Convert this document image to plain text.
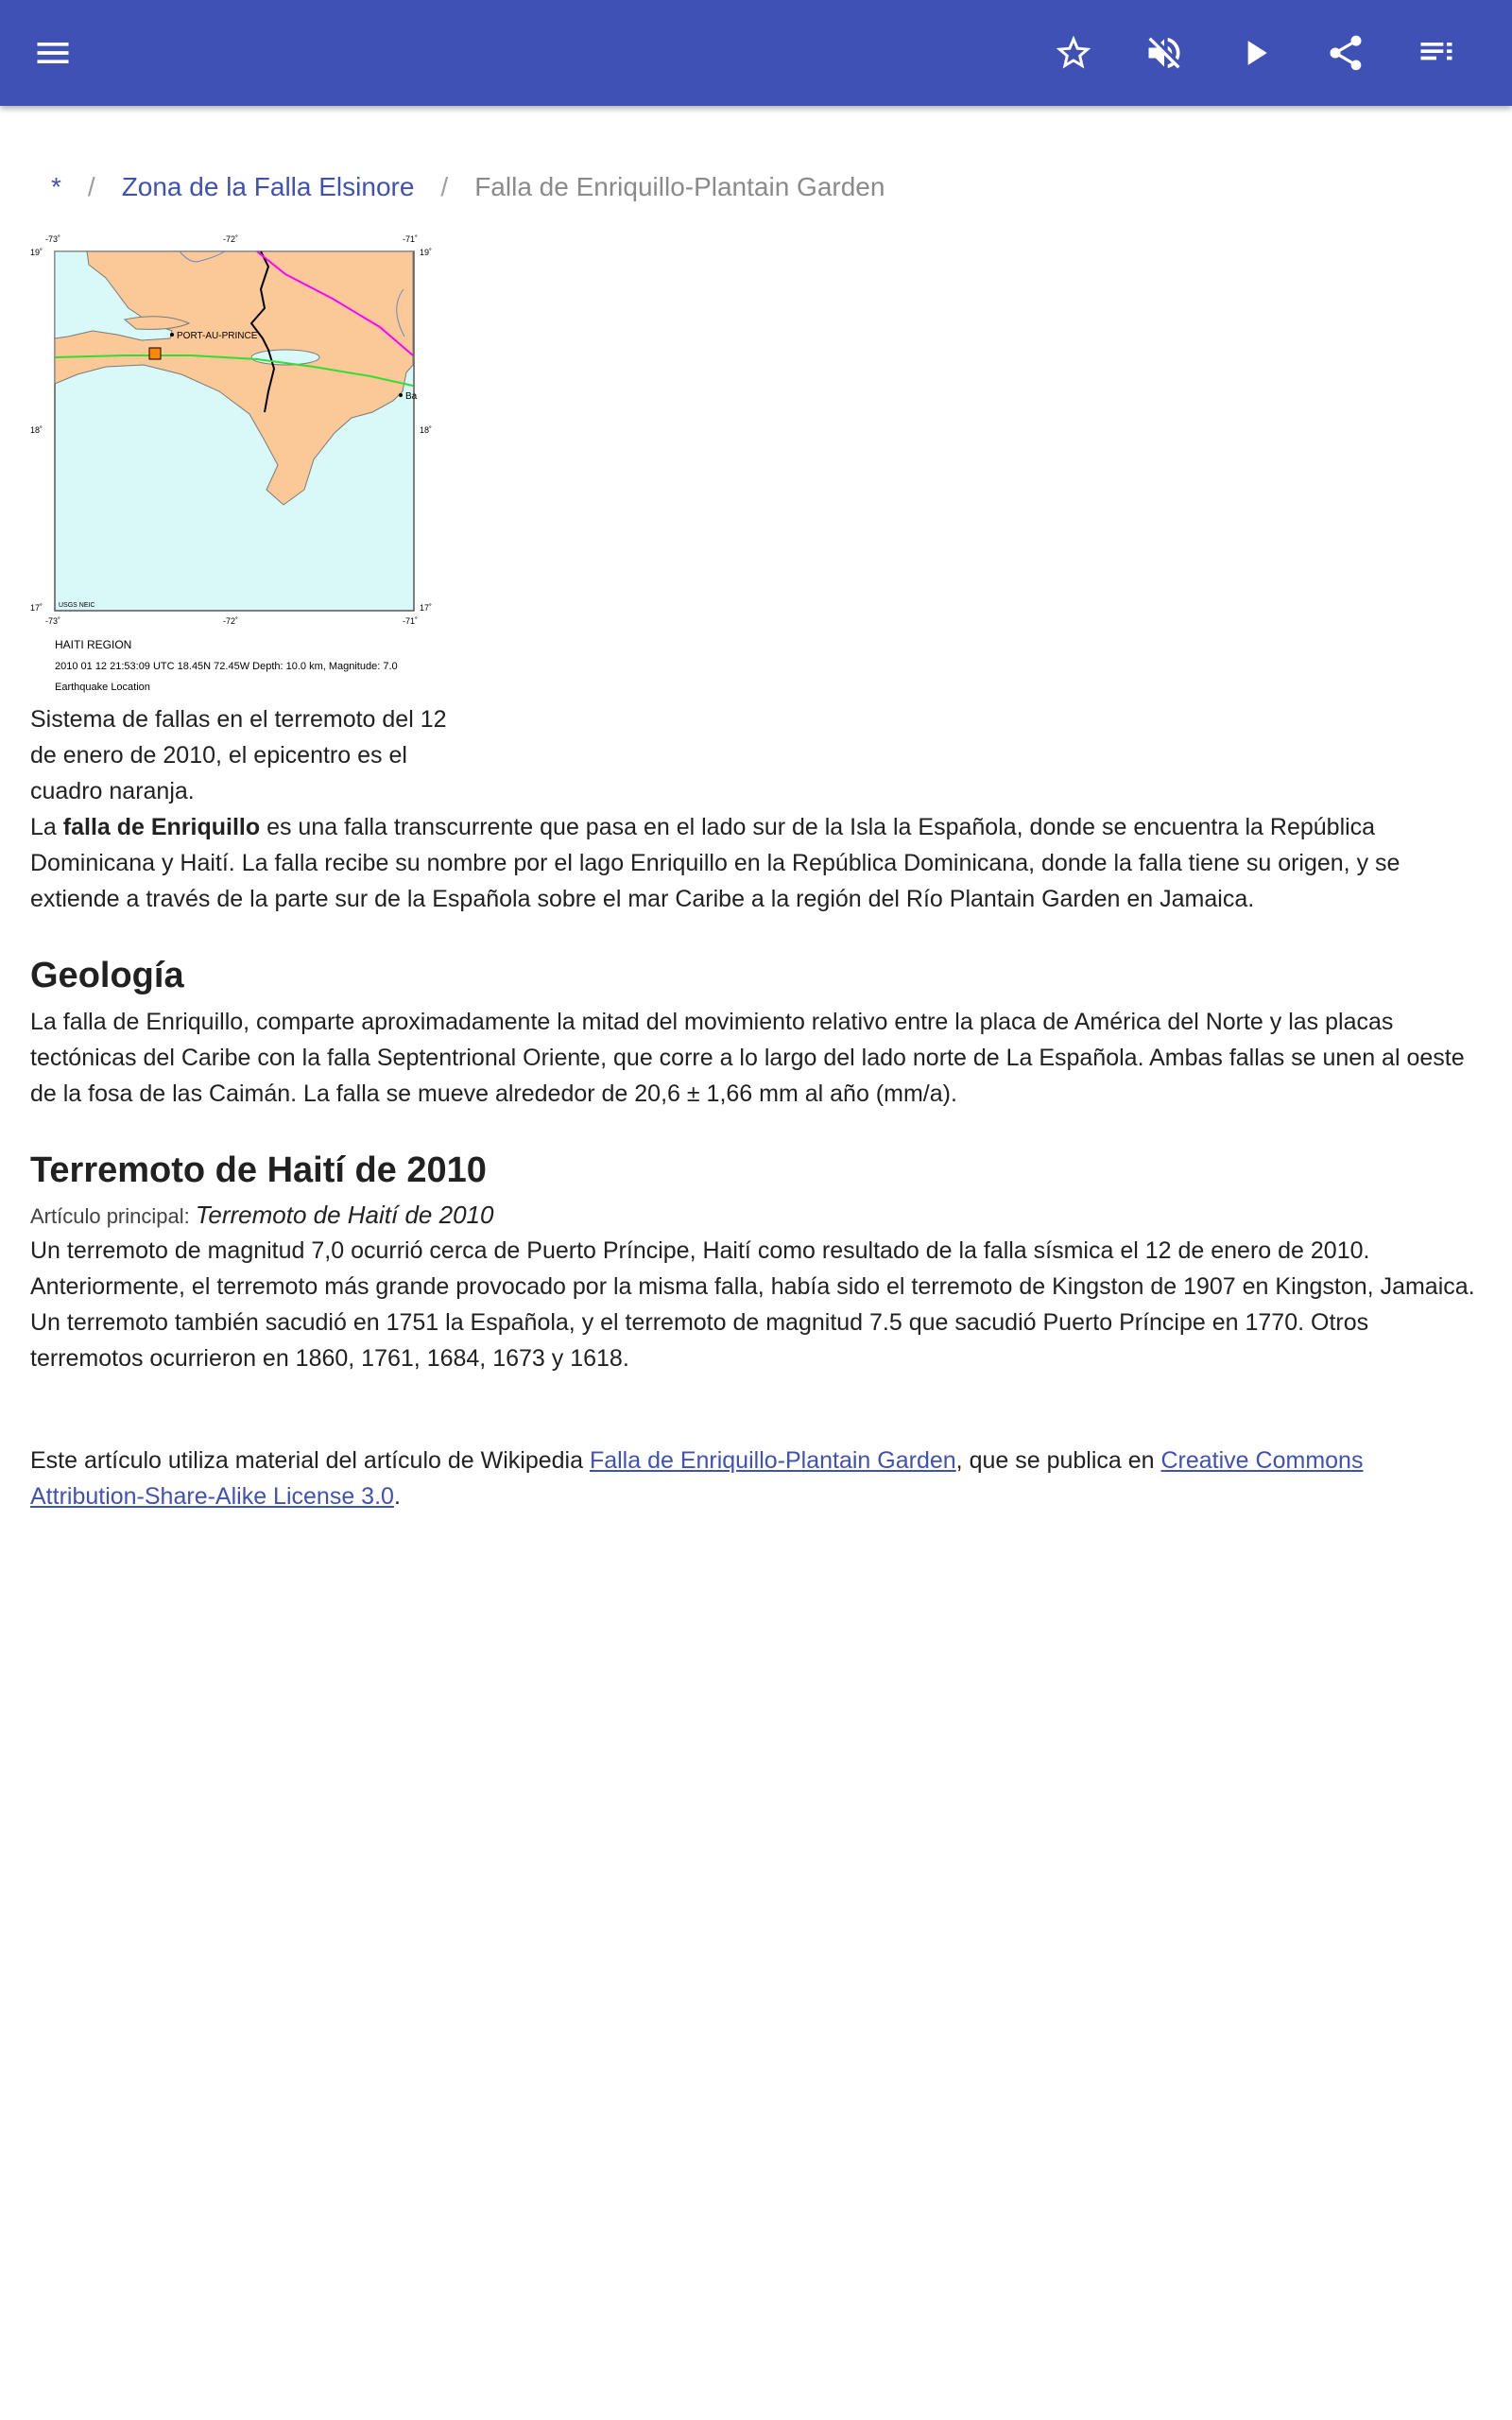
* / Zona de la Falla Elsinore / Falla de Enriquillo-Plantain Garden
PORT-AU-PRINCE
Ba
-73˚	-72˚	-71˚
-73˚	-72˚	-71˚
19˚
18˚
17˚
19˚
18˚
17˚
USGS NEIC
HAITI REGION
2010 01 12 21:53:09 UTC 18.45N 72.45W Depth: 10.0 km, Magnitude: 7.0
Earthquake Location
Sistema de fallas en el terremoto del 12 de enero de 2010, el epicentro es el cuadro naranja.

La falla de Enriquillo es una falla transcurrente que pasa en el lado sur de la Isla la Española, donde se encuentra la República Dominicana y Haití. La falla recibe su nombre por el lago Enriquillo en la República Dominicana, donde la falla tiene su origen, y se extiende a través de la parte sur de la Española sobre el mar Caribe a la región del Río Plantain Garden en Jamaica.

Geología

La falla de Enriquillo, comparte aproximadamente la mitad del movimiento relativo entre la placa de América del Norte y las placas tectónicas del Caribe con la falla Septentrional Oriente, que corre a lo largo del lado norte de La Española. Ambas fallas se unen al oeste de la fosa de las Caimán. La falla se mueve alrededor de 20,6 ± 1,66 mm al año (mm/a).

Terremoto de Haití de 2010
Artículo principal: Terremoto de Haití de 2010

Un terremoto de magnitud 7,0 ocurrió cerca de Puerto Príncipe, Haití como resultado de la falla sísmica el 12 de enero de 2010. Anteriormente, el terremoto más grande provocado por la misma falla, había sido el terremoto de Kingston de 1907 en Kingston, Jamaica. Un terremoto también sacudió en 1751 la Española, y el terremoto de magnitud 7.5 que sacudió Puerto Príncipe en 1770. Otros terremotos ocurrieron en 1860, 1761, 1684, 1673 y 1618.

Este artículo utiliza material del artículo de Wikipedia Falla de Enriquillo-Plantain Garden, que se publica en Creative Commons Attribution-Share-Alike License 3.0.
